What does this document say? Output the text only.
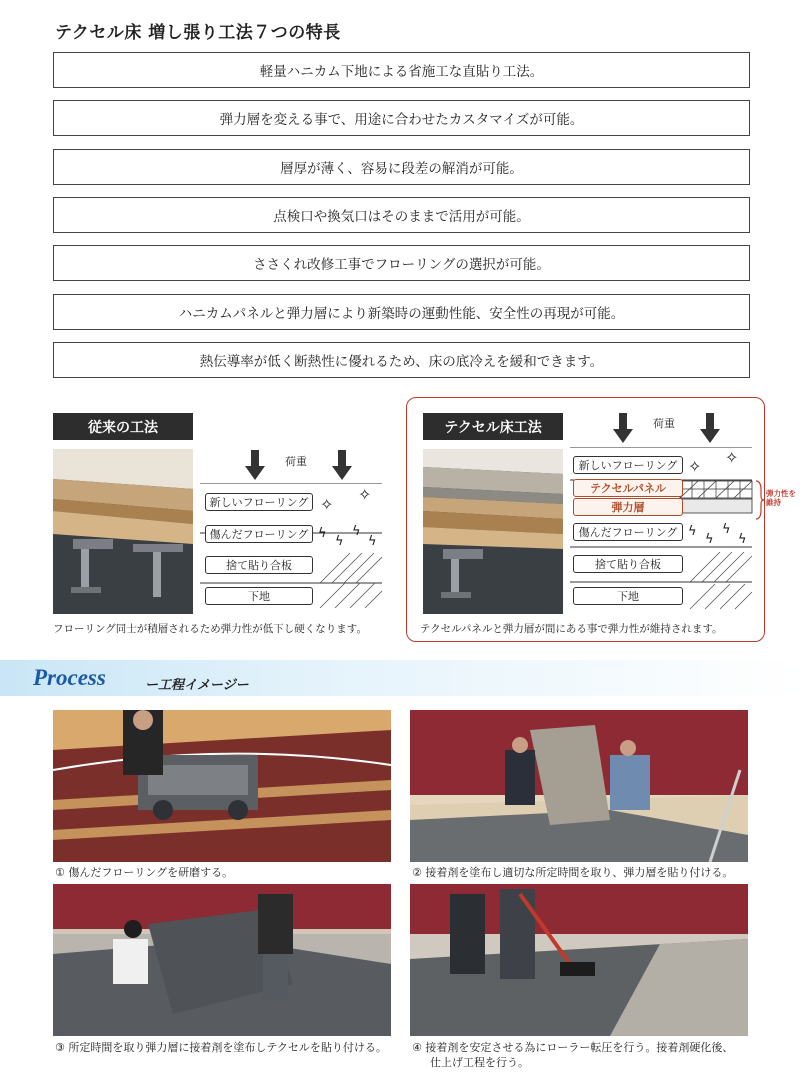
テクセル床 増し張り工法７つの特長
軽量ハニカム下地による省施工な直貼り工法。
弾力層を変える事で、用途に合わせたカスタマイズが可能。
層厚が薄く、容易に段差の解消が可能。
点検口や換気口はそのままで活用が可能。
ささくれ改修工事でフローリングの選択が可能。
ハニカムパネルと弾力層により新築時の運動性能、安全性の再現が可能。
熱伝導率が低く断熱性に優れるため、床の底冷えを緩和できます。
従来の工法
荷重
新しいフローリング
傷んだフローリング
捨て貼り合板
下地
✧
✧
ϟ
ϟ
ϟ
ϟ
フローリング同士が積層されるため弾力性が低下し硬くなります。
テクセル床工法	荷重
新しいフローリング
テクセルパネル
弾力層
傷んだフローリング
捨て貼り合板
下地
✧ ✧
ϟ
ϟ
ϟ
ϟ
弾力性を維持
テクセルパネルと弾力層が間にある事で弾力性が維持されます。
Process	ー工程イメージー
① 傷んだフローリングを研磨する。	② 接着剤を塗布し適切な所定時間を取り、弾力層を貼り付ける。
③ 所定時間を取り弾力層に接着剤を塗布しテクセルを貼り付ける。 ④ 接着剤を安定させる為にローラー転圧を行う。接着剤硬化後、
仕上げ工程を行う。
